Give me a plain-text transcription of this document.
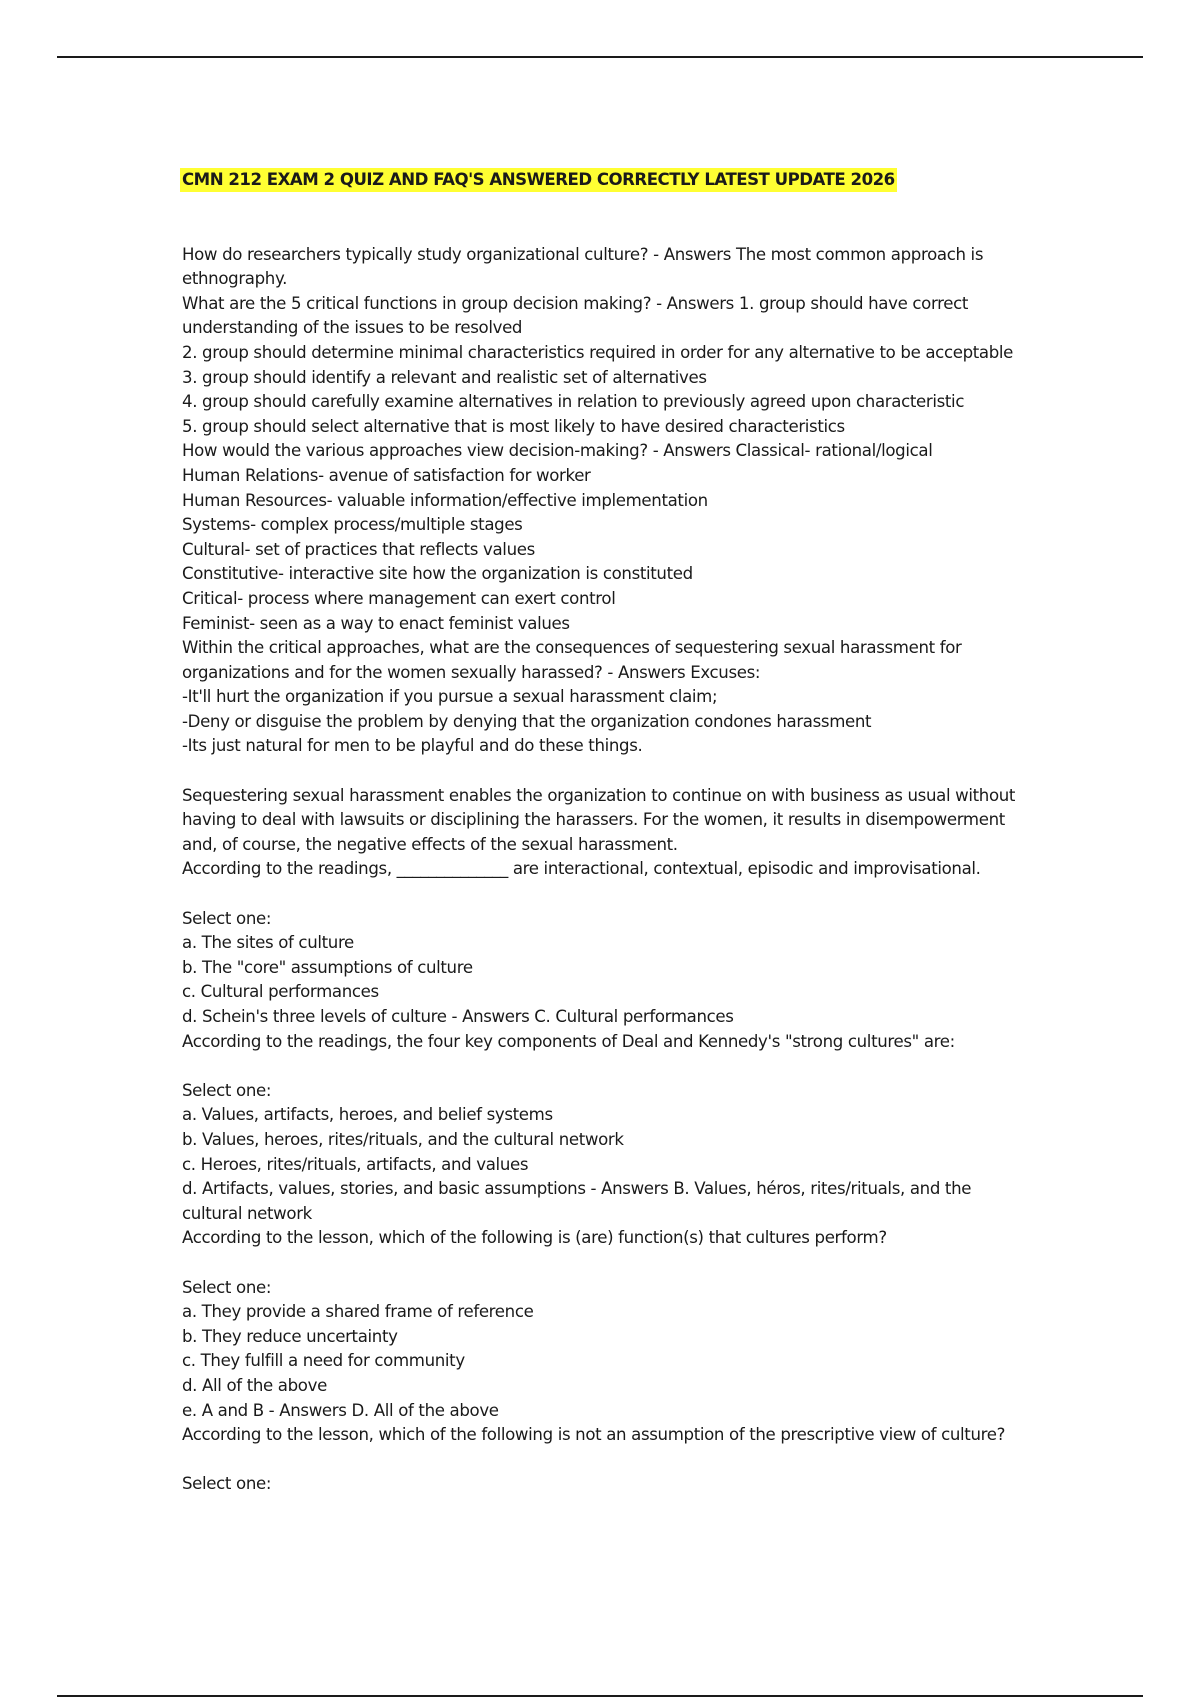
CMN 212 EXAM 2 QUIZ AND FAQ'S ANSWERED CORRECTLY LATEST UPDATE 2026
How do researchers typically study organizational culture? - Answers The most common approach is ethnography.
What are the 5 critical functions in group decision making? - Answers 1. group should have correct understanding of the issues to be resolved
2. group should determine minimal characteristics required in order for any alternative to be acceptable
3. group should identify a relevant and realistic set of alternatives
4. group should carefully examine alternatives in relation to previously agreed upon characteristic
5. group should select alternative that is most likely to have desired characteristics
How would the various approaches view decision-making? - Answers Classical- rational/logical
Human Relations- avenue of satisfaction for worker
Human Resources- valuable information/effective implementation
Systems- complex process/multiple stages
Cultural- set of practices that reflects values
Constitutive- interactive site how the organization is constituted
Critical- process where management can exert control
Feminist- seen as a way to enact feminist values
Within the critical approaches, what are the consequences of sequestering sexual harassment for organizations and for the women sexually harassed? - Answers Excuses:
-It'll hurt the organization if you pursue a sexual harassment claim;
-Deny or disguise the problem by denying that the organization condones harassment
-Its just natural for men to be playful and do these things.
Sequestering sexual harassment enables the organization to continue on with business as usual without having to deal with lawsuits or disciplining the harassers. For the women, it results in disempowerment and, of course, the negative effects of the sexual harassment.
According to the readings, ______________ are interactional, contextual, episodic and improvisational.
Select one:
a. The sites of culture
b. The "core" assumptions of culture
c. Cultural performances
d. Schein's three levels of culture - Answers C. Cultural performances
According to the readings, the four key components of Deal and Kennedy's "strong cultures" are:
Select one:
a. Values, artifacts, heroes, and belief systems
b. Values, heroes, rites/rituals, and the cultural network
c. Heroes, rites/rituals, artifacts, and values
d. Artifacts, values, stories, and basic assumptions - Answers B. Values, héros, rites/rituals, and the cultural network
According to the lesson, which of the following is (are) function(s) that cultures perform?
Select one:
a. They provide a shared frame of reference
b. They reduce uncertainty
c. They fulfill a need for community
d. All of the above
e. A and B - Answers D. All of the above
According to the lesson, which of the following is not an assumption of the prescriptive view of culture?
Select one:
